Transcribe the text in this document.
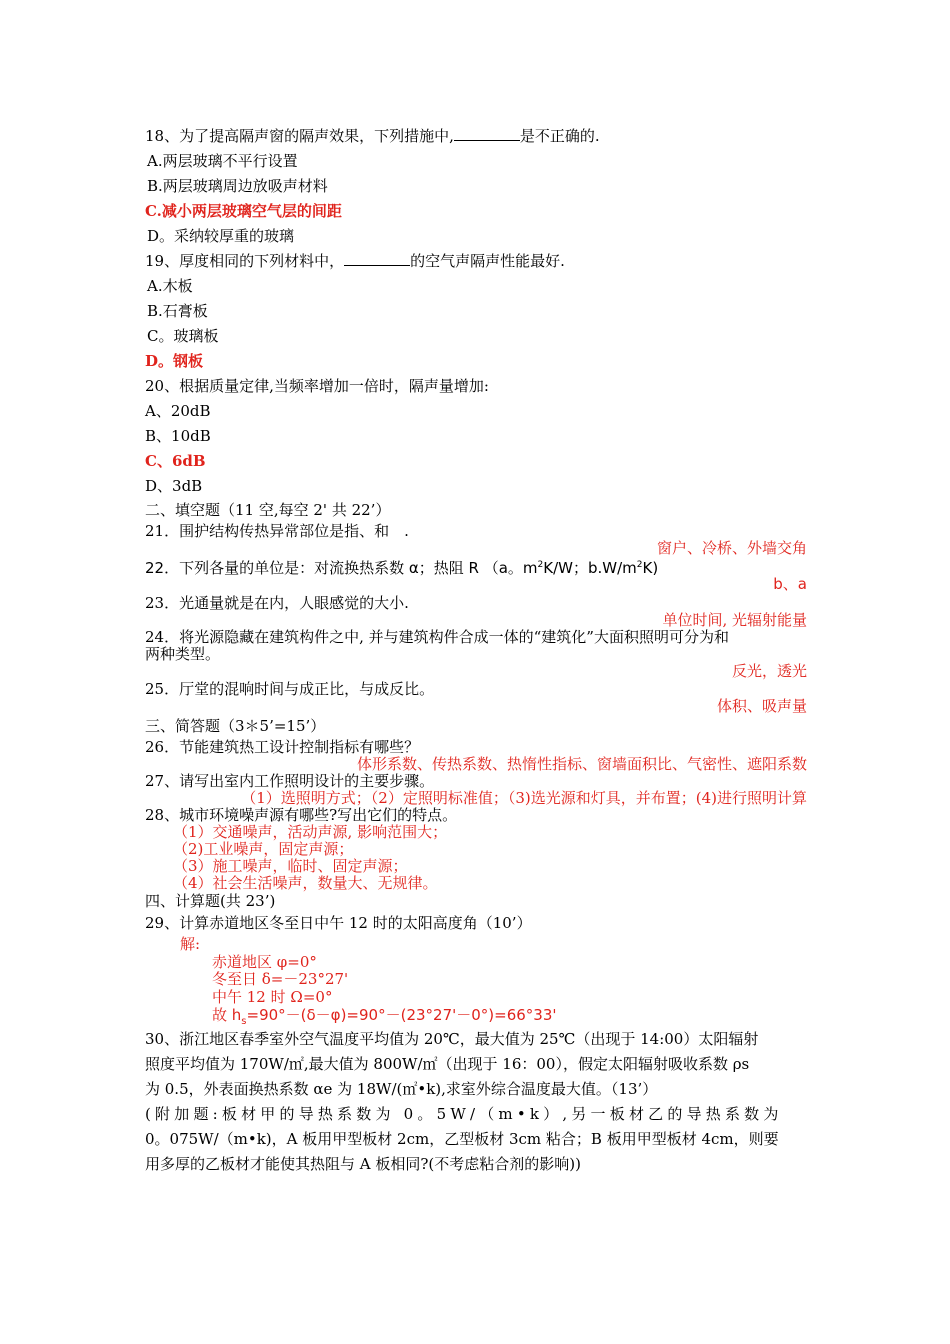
18、为了提高隔声窗的隔声效果，下列措施中,	是不正确的.
A.两层玻璃不平行设置
B.两层玻璃周边放吸声材料
C.减小两层玻璃空气层的间距
D。采纳较厚重的玻璃
19、厚度相同的下列材料中，	的空气声隔声性能最好.
A.木板
B.石膏板
C。玻璃板
D。钢板
20、根据质量定律,当频率增加一倍时，隔声量增加:
A、20dB
B、10dB
C、6dB
D、3dB
二、填空题（11 空,每空 2' 共 22’）
21．围护结构传热异常部位是指、和　.
窗户、冷桥、外墙交角
22．下列各量的单位是：对流换热系数 α；热阻 R （a。$m^2K/W$；$b.W/m^2K$)
b、a
23．光通量就是在内，人眼感觉的大小.
单位时间, 光辐射能量
24．将光源隐藏在建筑构件之中, 并与建筑构件合成一体的“建筑化”大面积照明可分为和
两种类型。
反光，透光
25．厅堂的混响时间与成正比，与成反比。
体积、吸声量
三、简答题（3＊5’=15’）
26．节能建筑热工设计控制指标有哪些？
体形系数、传热系数、热惰性指标、窗墙面积比、气密性、遮阳系数
27、请写出室内工作照明设计的主要步骤。
（1）选照明方式；（2）定照明标准值；（3)选光源和灯具，并布置；(4)进行照明计算
28、城市环境噪声源有哪些?写出它们的特点。
（1）交通噪声，活动声源, 影响范围大；
（2)工业噪声，固定声源；
（3）施工噪声，临时、固定声源；
（4）社会生活噪声，数量大、无规律。
四、计算题(共 23’)
29、计算赤道地区冬至日中午 12 时的太阳高度角（10’）
解:
赤道地区 φ=0°
冬至日 δ=－23°27'
中午 12 时 Ω=0°
故 $h_s=90^\circ-(\delta-\varphi)=90^\circ-(23^\circ 27'-0^\circ)=66^\circ 33'$
30、浙江地区春季室外空气温度平均值为 20℃，最大值为 25℃（出现于 14:00）太阳辐射
照度平均值为 170W/㎡,最大值为 800W/㎡（出现于 16：00），假定太阳辐射吸收系数 ρs
为 0.5，外表面换热系数 αe 为 18W/(㎡•k),求室外综合温度最大值。（13’）
(附加题:板材甲的导热系数为 0。5W/（m•k）,另一板材乙的导热系数为
0。075W/（m•k)，A 板用甲型板材 2cm，乙型板材 3cm 粘合；B 板用甲型板材 4cm，则要
用多厚的乙板材才能使其热阻与 A 板相同?(不考虑粘合剂的影响))
